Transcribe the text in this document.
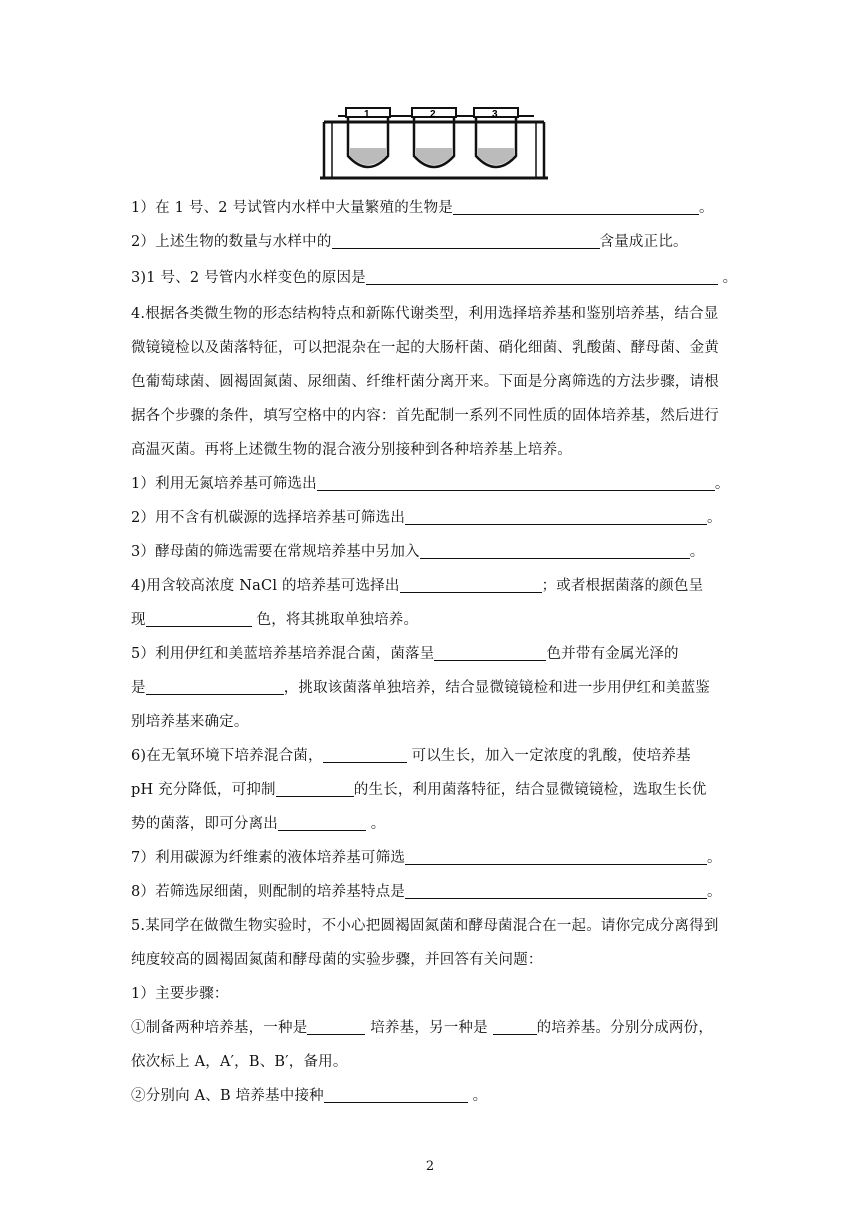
1	2	3
1）在 1 号、2 号试管内水样中大量繁殖的生物是	。
2）上述生物的数量与水样中的	含量成正比。
3)1 号、2 号管内水样变色的原因是	。
4.根据各类微生物的形态结构特点和新陈代谢类型，利用选择培养基和鉴别培养基，结合显
微镜镜检以及菌落特征，可以把混杂在一起的大肠杆菌、硝化细菌、乳酸菌、酵母菌、金黄
色葡萄球菌、圆褐固氮菌、尿细菌、纤维杆菌分离开来。下面是分离筛选的方法步骤，请根
据各个步骤的条件，填写空格中的内容：首先配制一系列不同性质的固体培养基，然后进行
高温灭菌。再将上述微生物的混合液分别接种到各种培养基上培养。
1）利用无氮培养基可筛选出	。
2）用不含有机碳源的选择培养基可筛选出	。
3）酵母菌的筛选需要在常规培养基中另加入	。
4)用含较高浓度 NaCl 的培养基可选择出	；或者根据菌落的颜色呈
现	色，将其挑取单独培养。
5）利用伊红和美蓝培养基培养混合菌，菌落呈	色并带有金属光泽的
是	，挑取该菌落单独培养，结合显微镜镜检和进一步用伊红和美蓝鉴
别培养基来确定。
6)在无氧环境下培养混合菌，	可以生长，加入一定浓度的乳酸，使培养基
pH 充分降低，可抑制	的生长，利用菌落特征，结合显微镜镜检，选取生长优
势的菌落，即可分离出	。
7）利用碳源为纤维素的液体培养基可筛选	。
8）若筛选尿细菌，则配制的培养基特点是	。
5.某同学在做微生物实验时，不小心把圆褐固氮菌和酵母菌混合在一起。请你完成分离得到
纯度较高的圆褐固氮菌和酵母菌的实验步骤，并回答有关问题：
1）主要步骤：
①制备两种培养基，一种是	培养基，另一种是	的培养基。分别分成两份，
依次标上 A，A′，B、B′，备用。
②分别向 A、B 培养基中接种	。
2
